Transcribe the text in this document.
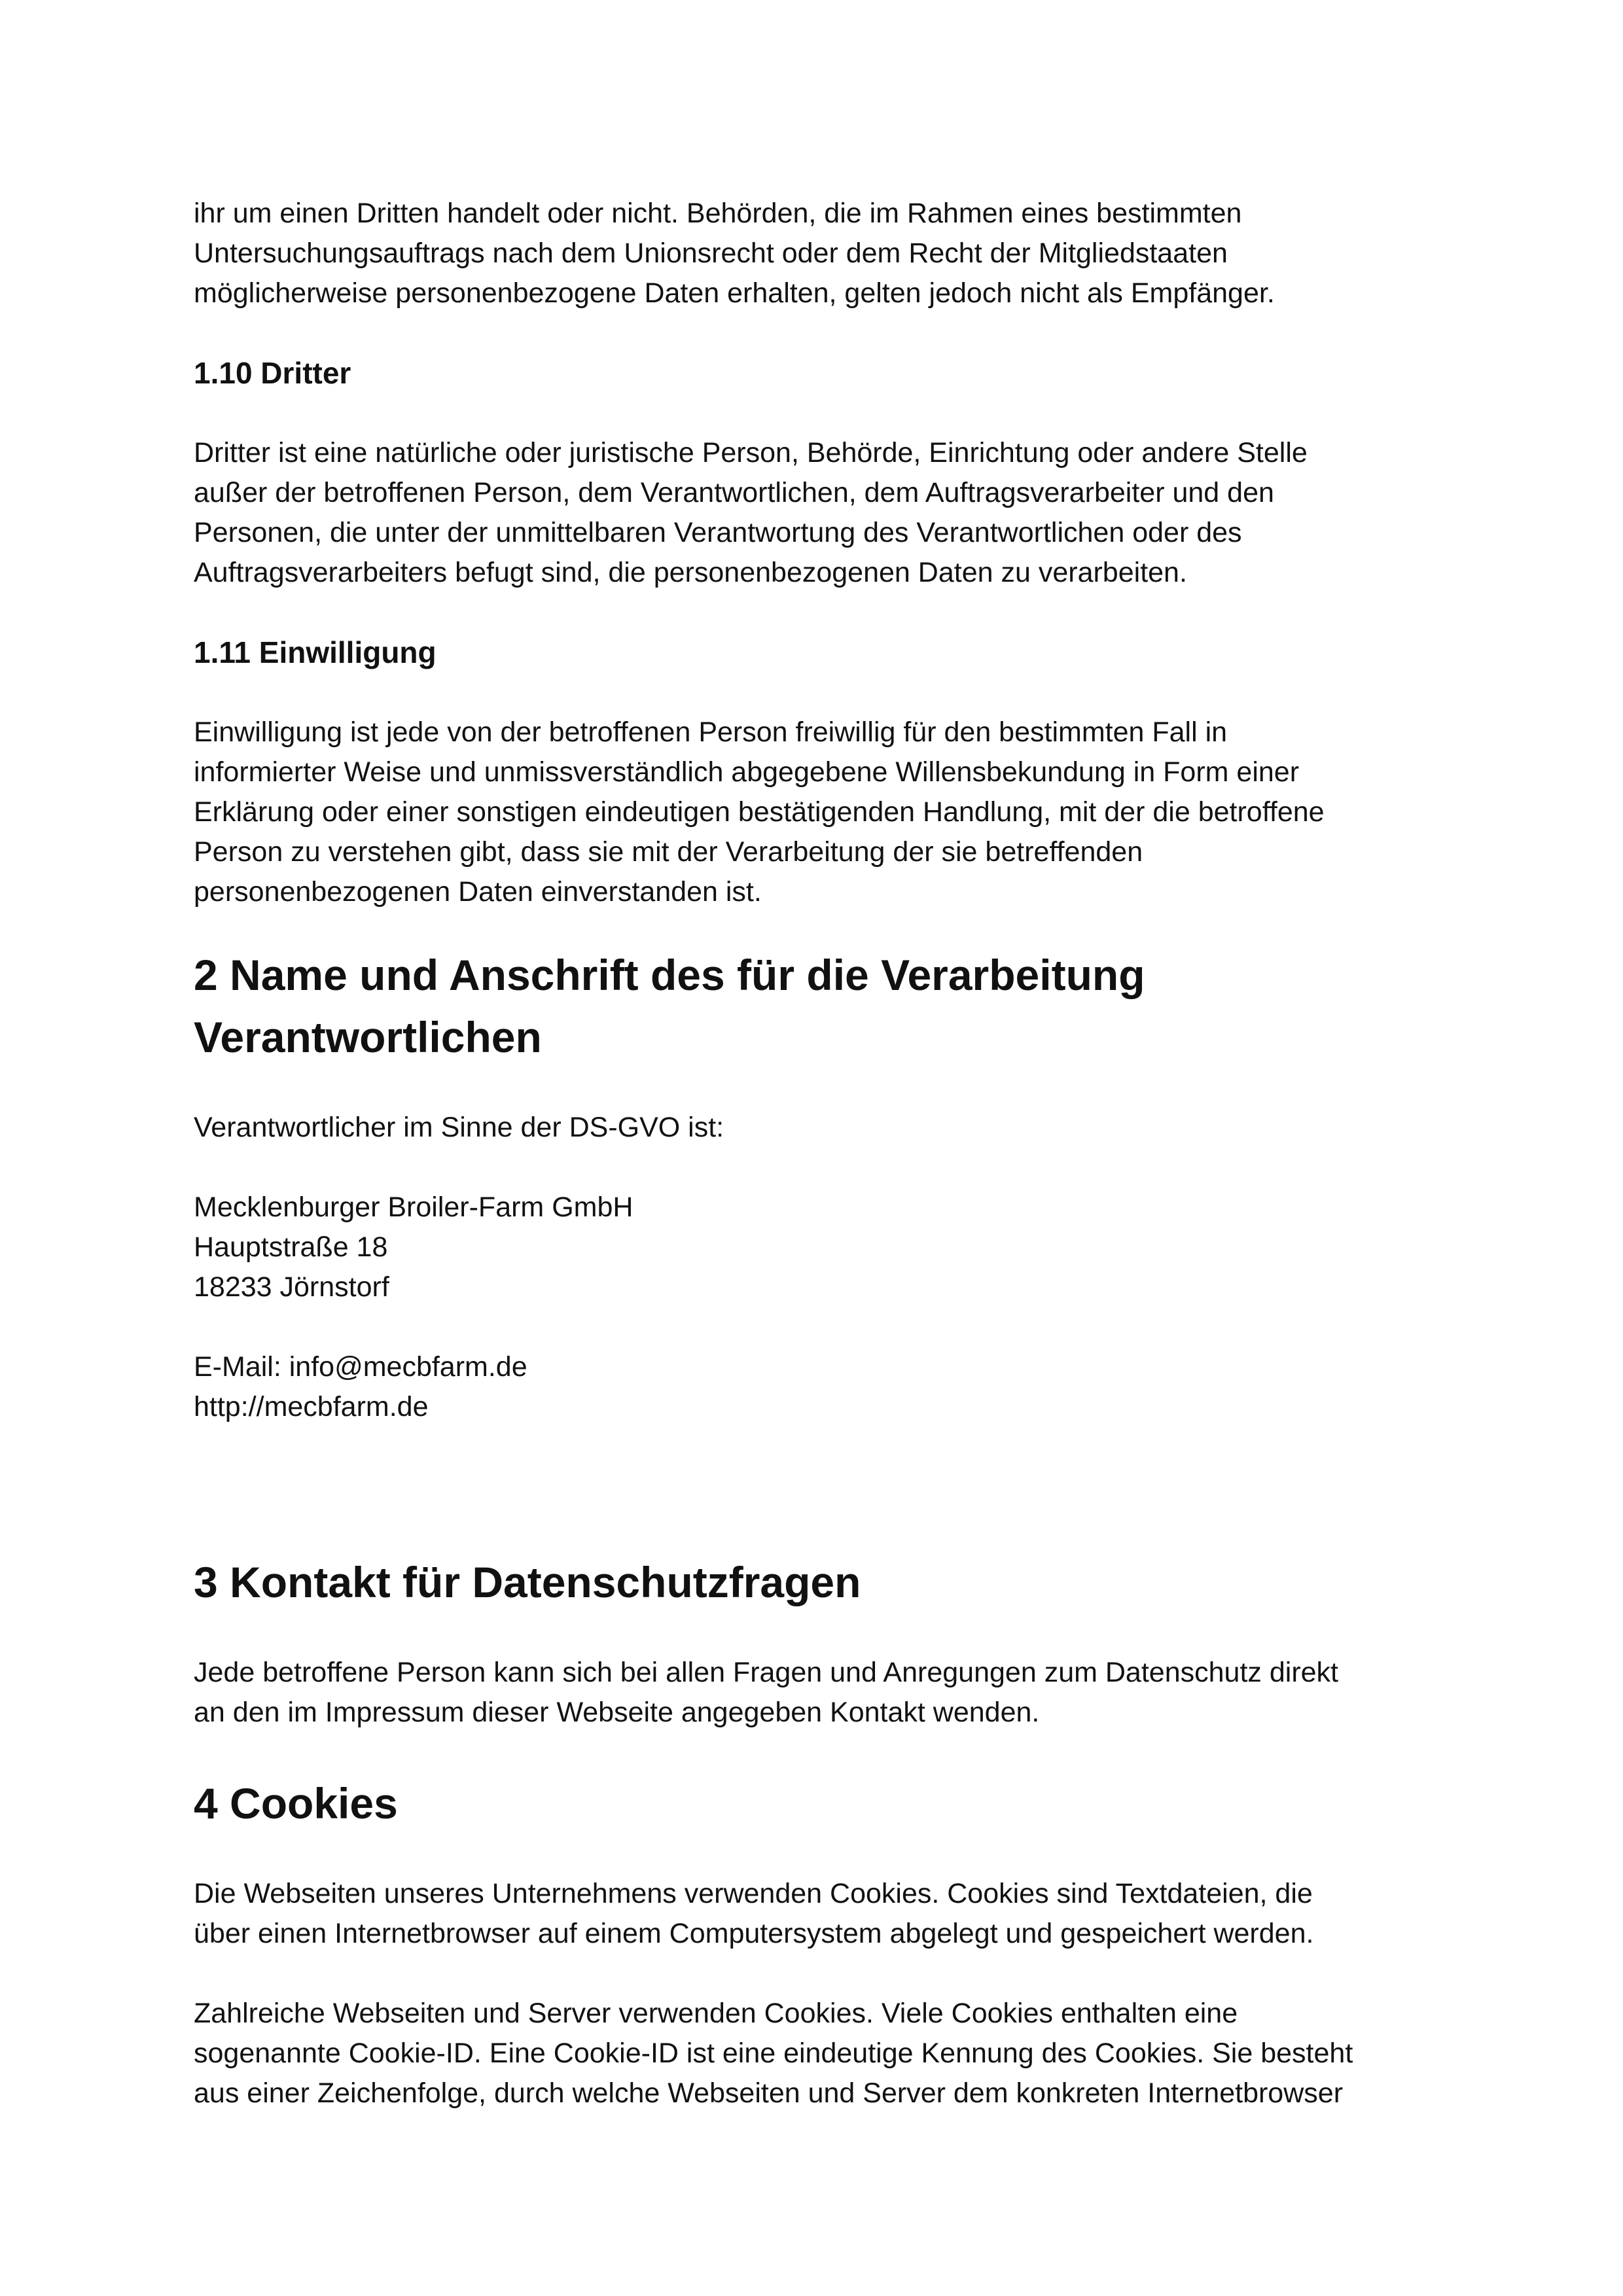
ihr um einen Dritten handelt oder nicht. Behörden, die im Rahmen eines bestimmten
Untersuchungsauftrags nach dem Unionsrecht oder dem Recht der Mitgliedstaaten
möglicherweise personenbezogene Daten erhalten, gelten jedoch nicht als Empfänger.

1.10 Dritter

Dritter ist eine natürliche oder juristische Person, Behörde, Einrichtung oder andere Stelle
außer der betroffenen Person, dem Verantwortlichen, dem Auftragsverarbeiter und den
Personen, die unter der unmittelbaren Verantwortung des Verantwortlichen oder des
Auftragsverarbeiters befugt sind, die personenbezogenen Daten zu verarbeiten.

1.11 Einwilligung

Einwilligung ist jede von der betroffenen Person freiwillig für den bestimmten Fall in
informierter Weise und unmissverständlich abgegebene Willensbekundung in Form einer
Erklärung oder einer sonstigen eindeutigen bestätigenden Handlung, mit der die betroffene
Person zu verstehen gibt, dass sie mit der Verarbeitung der sie betreffenden
personenbezogenen Daten einverstanden ist.

2 Name und Anschrift des für die Verarbeitung
Verantwortlichen

Verantwortlicher im Sinne der DS-GVO ist:

Mecklenburger Broiler-Farm GmbH
Hauptstraße 18
18233 Jörnstorf

E-Mail: info@mecbfarm.de
http://mecbfarm.de

3 Kontakt für Datenschutzfragen

Jede betroffene Person kann sich bei allen Fragen und Anregungen zum Datenschutz direkt
an den im Impressum dieser Webseite angegeben Kontakt wenden.

4 Cookies

Die Webseiten unseres Unternehmens verwenden Cookies. Cookies sind Textdateien, die
über einen Internetbrowser auf einem Computersystem abgelegt und gespeichert werden.

Zahlreiche Webseiten und Server verwenden Cookies. Viele Cookies enthalten eine
sogenannte Cookie-ID. Eine Cookie-ID ist eine eindeutige Kennung des Cookies. Sie besteht
aus einer Zeichenfolge, durch welche Webseiten und Server dem konkreten Internetbrowser
